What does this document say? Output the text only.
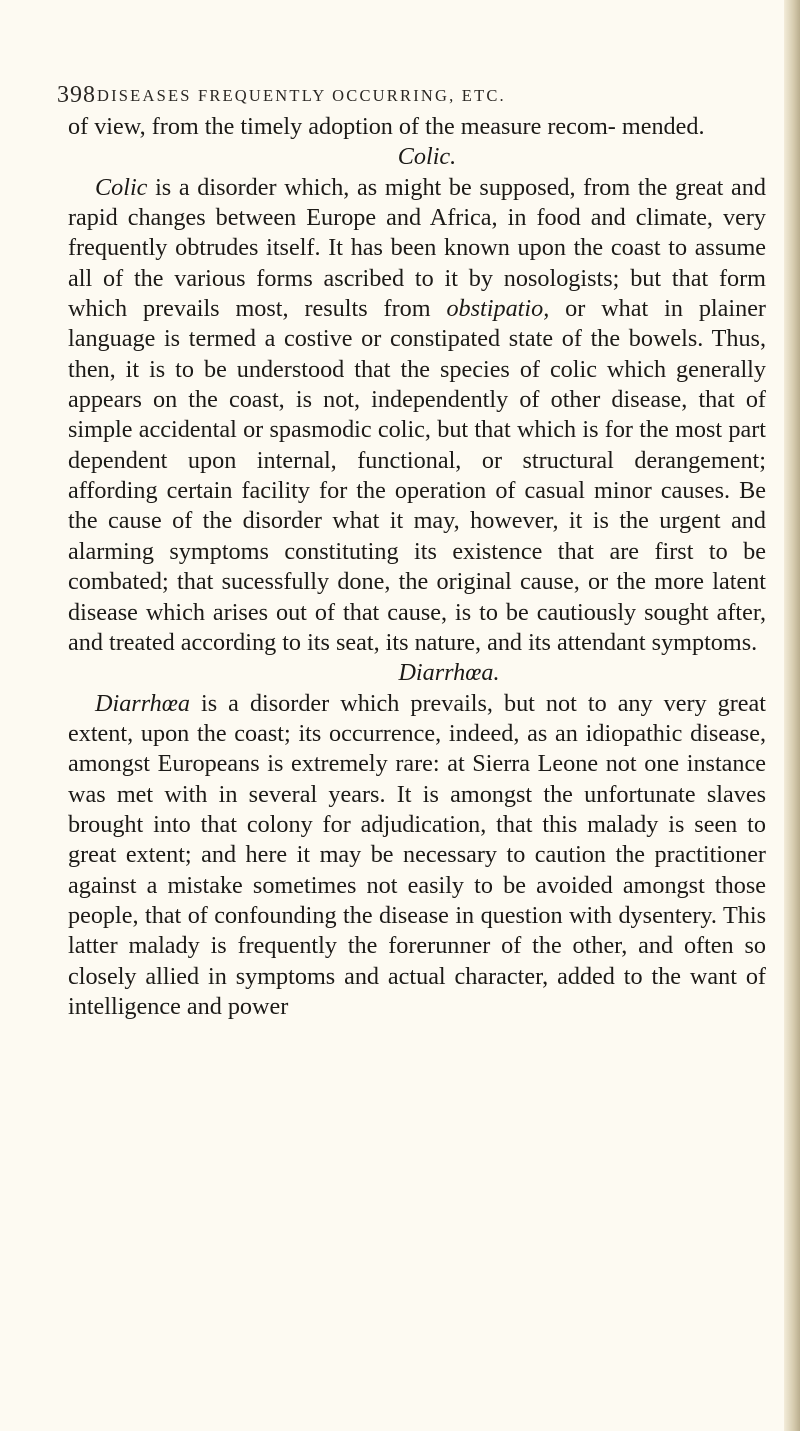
398 DISEASES FREQUENTLY OCCURRING, ETC.

of view, from the timely adoption of the measure recom- mended.

Colic.

Colic is a disorder which, as might be supposed, from the great and rapid changes between Europe and Africa, in food and climate, very frequently obtrudes itself. It has been known upon the coast to assume all of the various forms ascribed to it by nosologists; but that form which prevails most, results from obstipatio, or what in plainer language is termed a costive or constipated state of the bowels. Thus, then, it is to be understood that the species of colic which generally appears on the coast, is not, independently of other disease, that of simple accidental or spasmodic colic, but that which is for the most part dependent upon internal, functional, or structural derangement; affording certain facility for the operation of casual minor causes. Be the cause of the disorder what it may, however, it is the urgent and alarming symptoms constituting its existence that are first to be combated; that sucessfully done, the original cause, or the more latent disease which arises out of that cause, is to be cautiously sought after, and treated according to its seat, its nature, and its attendant symptoms.

Diarrhœa.

Diarrhœa is a disorder which prevails, but not to any very great extent, upon the coast; its occurrence, indeed, as an idiopathic disease, amongst Europeans is extremely rare: at Sierra Leone not one instance was met with in several years. It is amongst the unfortunate slaves brought into that colony for adjudication, that this malady is seen to great extent; and here it may be necessary to caution the practitioner against a mistake sometimes not easily to be avoided amongst those people, that of confounding the disease in question with dysentery. This latter malady is frequently the forerunner of the other, and often so closely allied in symptoms and actual character, added to the want of intelligence and power
